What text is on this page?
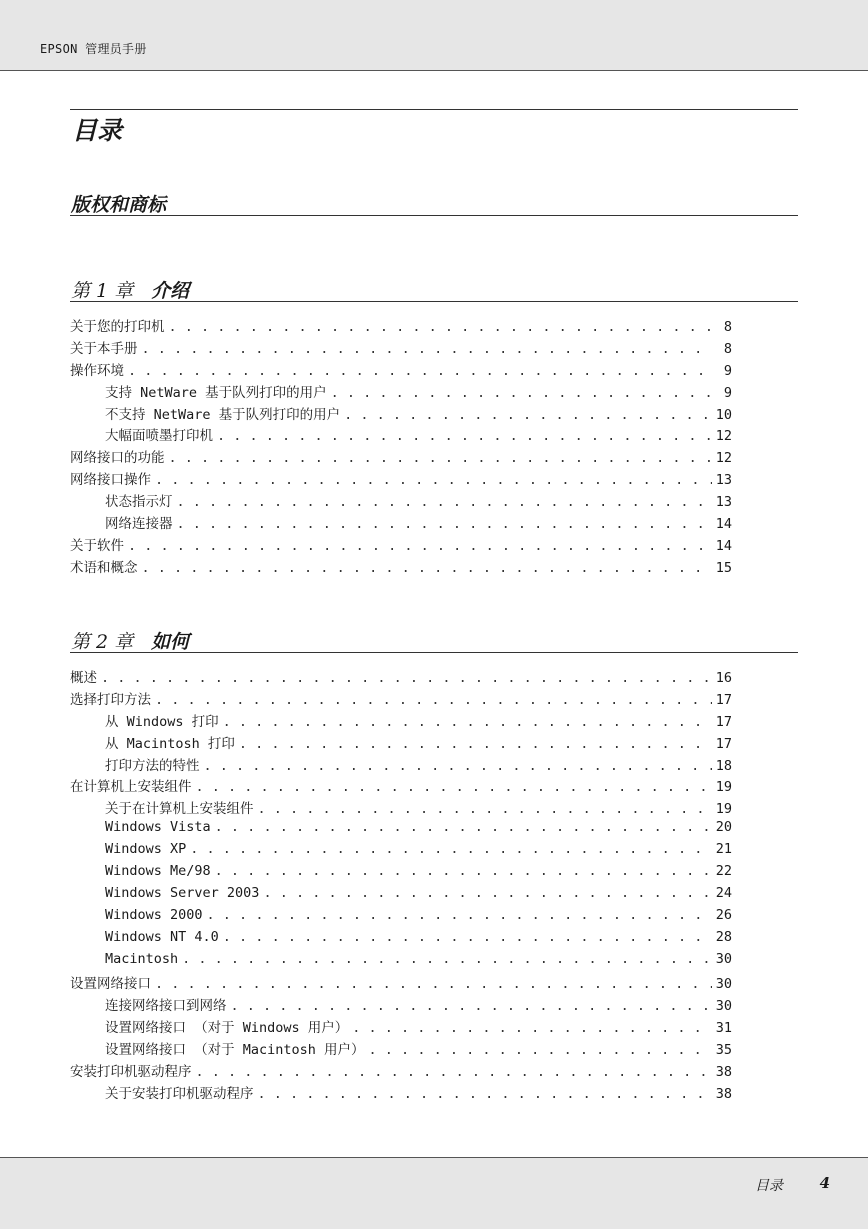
EPSON 管理员手册
目录
版权和商标
第 1 章 介绍
关于您的打印机 . . .	8
关于本手册 . . .	8
操作环境 . . .	9
支持 NetWare 基于队列打印的用户 . . .	9
不支持 NetWare 基于队列打印的用户 . . .	10
大幅面喷墨打印机 . . .	12
网络接口的功能 . . .	12
网络接口操作 . . .	13
状态指示灯 . . .	13
网络连接器 . . .	14
关于软件 . . .	14
术语和概念 . . .	15
第 2 章 如何
概述 . . .	16
选择打印方法 . . .	17
从 Windows 打印 . . .	17
从 Macintosh 打印 . . .	17
打印方法的特性 . . .	18
在计算机上安装组件 . . .	19
关于在计算机上安装组件 . . .	19
Windows Vista . . .	20
Windows XP . . .	21
Windows Me/98 . . .	22
Windows Server 2003 . . .	24
Windows 2000 . . .	26
Windows NT 4.0 . . .	28
Macintosh . . .	30
设置网络接口 . . .	30
连接网络接口到网络 . . .	30
设置网络接口 （对于 Windows 用户） . . .	31
设置网络接口 （对于 Macintosh 用户） . . .	35
安装打印机驱动程序 . . .	38
关于安装打印机驱动程序 . . .	38
目录 4
